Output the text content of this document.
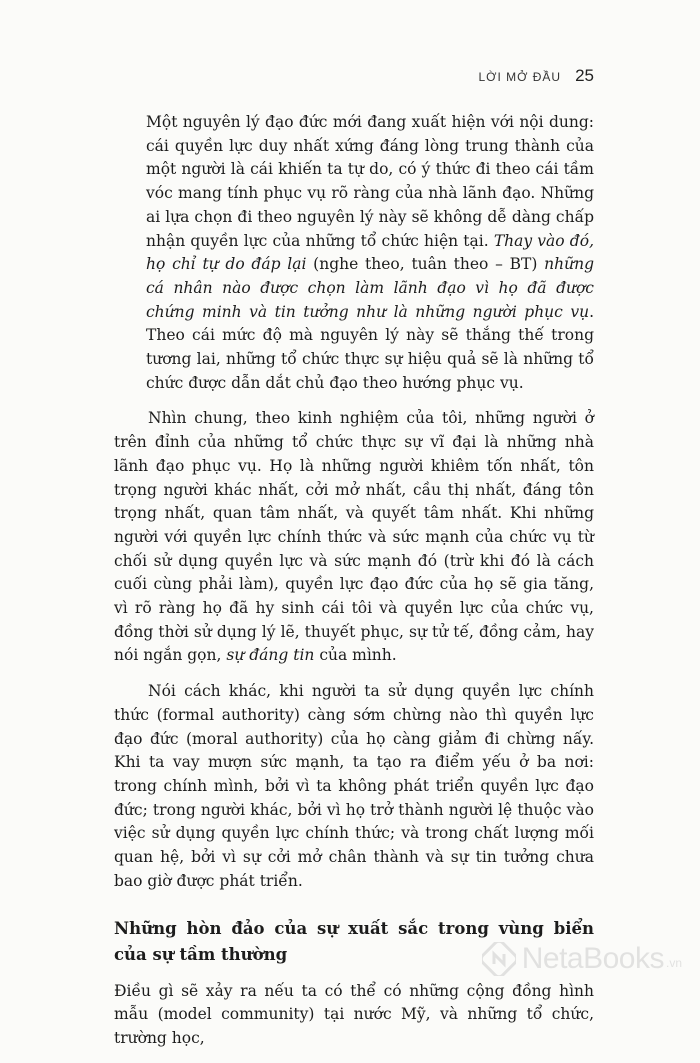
LỜI MỞ ĐẦU 25

Một nguyên lý đạo đức mới đang xuất hiện với nội dung: cái quyền lực duy nhất xứng đáng lòng trung thành của một người là cái khiến ta tự do, có ý thức đi theo cái tầm vóc mang tính phục vụ rõ ràng của nhà lãnh đạo. Những ai lựa chọn đi theo nguyên lý này sẽ không dễ dàng chấp nhận quyền lực của những tổ chức hiện tại. Thay vào đó, họ chỉ tự do đáp lại (nghe theo, tuân theo – BT) những cá nhân nào được chọn làm lãnh đạo vì họ đã được chứng minh và tin tưởng như là những người phục vụ. Theo cái mức độ mà nguyên lý này sẽ thắng thế trong tương lai, những tổ chức thực sự hiệu quả sẽ là những tổ chức được dẫn dắt chủ đạo theo hướng phục vụ.

Nhìn chung, theo kinh nghiệm của tôi, những người ở trên đỉnh của những tổ chức thực sự vĩ đại là những nhà lãnh đạo phục vụ. Họ là những người khiêm tốn nhất, tôn trọng người khác nhất, cởi mở nhất, cầu thị nhất, đáng tôn trọng nhất, quan tâm nhất, và quyết tâm nhất. Khi những người với quyền lực chính thức và sức mạnh của chức vụ từ chối sử dụng quyền lực và sức mạnh đó (trừ khi đó là cách cuối cùng phải làm), quyền lực đạo đức của họ sẽ gia tăng, vì rõ ràng họ đã hy sinh cái tôi và quyền lực của chức vụ, đồng thời sử dụng lý lẽ, thuyết phục, sự tử tế, đồng cảm, hay nói ngắn gọn, sự đáng tin của mình.

Nói cách khác, khi người ta sử dụng quyền lực chính thức (formal authority) càng sớm chừng nào thì quyền lực đạo đức (moral authority) của họ càng giảm đi chừng nấy. Khi ta vay mượn sức mạnh, ta tạo ra điểm yếu ở ba nơi: trong chính mình, bởi vì ta không phát triển quyền lực đạo đức; trong người khác, bởi vì họ trở thành người lệ thuộc vào việc sử dụng quyền lực chính thức; và trong chất lượng mối quan hệ, bởi vì sự cởi mở chân thành và sự tin tưởng chưa bao giờ được phát triển.

Những hòn đảo của sự xuất sắc trong vùng biển của sự tầm thường

Điều gì sẽ xảy ra nếu ta có thể có những cộng đồng hình mẫu (model community) tại nước Mỹ, và những tổ chức, trường học,

NetaBooks .vn
